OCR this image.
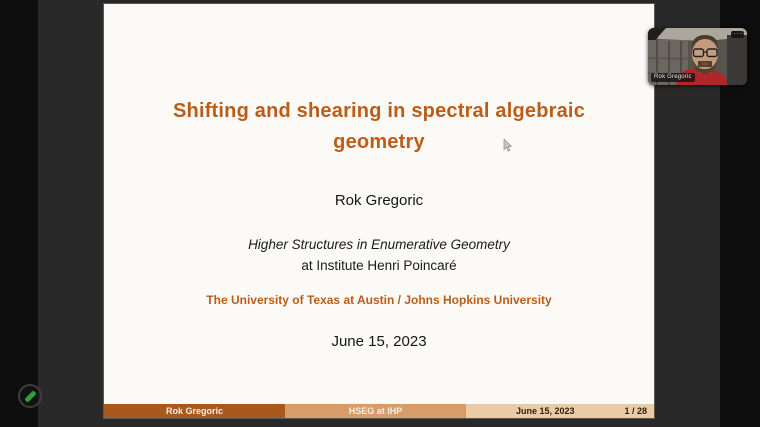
Shifting and shearing in spectral algebraic
geometry
Rok Gregoric
Higher Structures in Enumerative Geometry
at Institute Henri Poincaré
The University of Texas at Austin / Johns Hopkins University
June 15, 2023
Rok Gregoric	HSEG at IHP	June 15, 2023	1 / 28
Rok Gregoric
⋯
